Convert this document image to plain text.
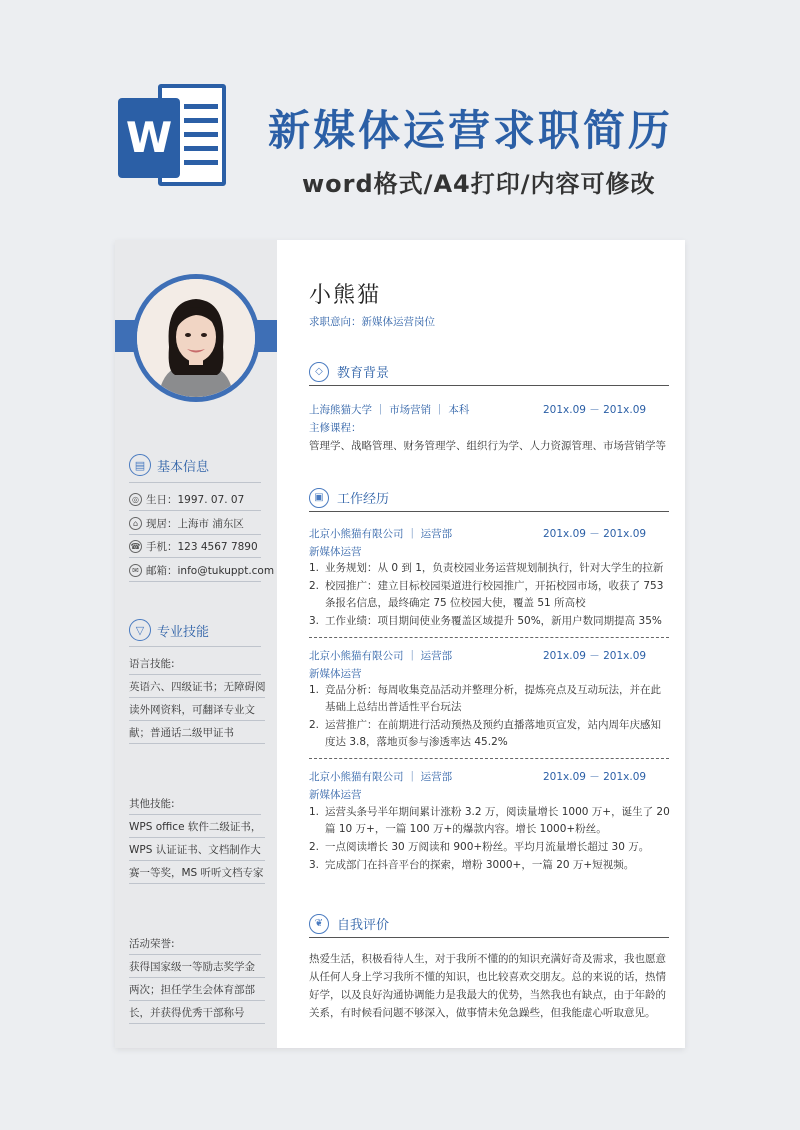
W 新媒体运营求职简历
word格式/A4打印/内容可修改
▤ 基本信息
◎ 生日：1997. 07. 07
⌂ 现居：上海市 浦东区
☎ 手机：123 4567 7890
✉ 邮箱：info@tukuppt.com
▽ 专业技能
语言技能:
英语六、四级证书；无障碍阅
读外网资料，可翻译专业文
献；普通话二级甲证书
其他技能:
WPS office 软件二级证书，
WPS 认证证书、文档制作大
赛一等奖，MS 听听文档专家
活动荣誉:
获得国家级一等励志奖学金
两次；担任学生会体育部部
长，并获得优秀干部称号
小熊猫
求职意向：新媒体运营岗位
◇	教育背景
上海熊猫大学 ｜ 市场营销 ｜ 本科	201x.09 － 201x.09
主修课程：
管理学、战略管理、财务管理学、组织行为学、人力资源管理、市场营销学等
▣	工作经历
北京小熊猫有限公司 ｜ 运营部	201x.09 － 201x.09
新媒体运营
1. 业务规划：从 0 到 1，负责校园业务运营规划制执行，针对大学生的拉新
2. 校园推广：建立目标校园渠道进行校园推广，开拓校园市场，收获了 753 条报名信息，最终确定 75 位校园大使，覆盖 51 所高校
3. 工作业绩：项目期间使业务覆盖区域提升 50%，新用户数同期提高 35%
北京小熊猫有限公司 ｜ 运营部	201x.09 － 201x.09
新媒体运营
1. 竞品分析：每周收集竞品活动并整理分析，提炼亮点及互动玩法，并在此基础上总结出普适性平台玩法
2. 运营推广：在前期进行活动预热及预约直播落地页宣发，站内周年庆感知度达 3.8，落地页参与渗透率达 45.2%
北京小熊猫有限公司 ｜ 运营部	201x.09 － 201x.09
新媒体运营
1. 运营头条号半年期间累计涨粉 3.2 万，阅读量增长 1000 万+，诞生了 20 篇 10 万+，一篇 100 万+的爆款内容。增长 1000+粉丝。
2. 一点阅读增长 30 万阅读和 900+粉丝。平均月流量增长超过 30 万。
3. 完成部门在抖音平台的探索，增粉 3000+，一篇 20 万+短视频。
❦	自我评价
热爱生活，积极看待人生，对于我所不懂的的知识充满好奇及需求，我也愿意从任何人身上学习我所不懂的知识，也比较喜欢交朋友。总的来说的话，热情好学，以及良好沟通协调能力是我最大的优势，当然我也有缺点，由于年龄的关系，有时候看问题不够深入，做事情未免急躁些，但我能虚心听取意见。
